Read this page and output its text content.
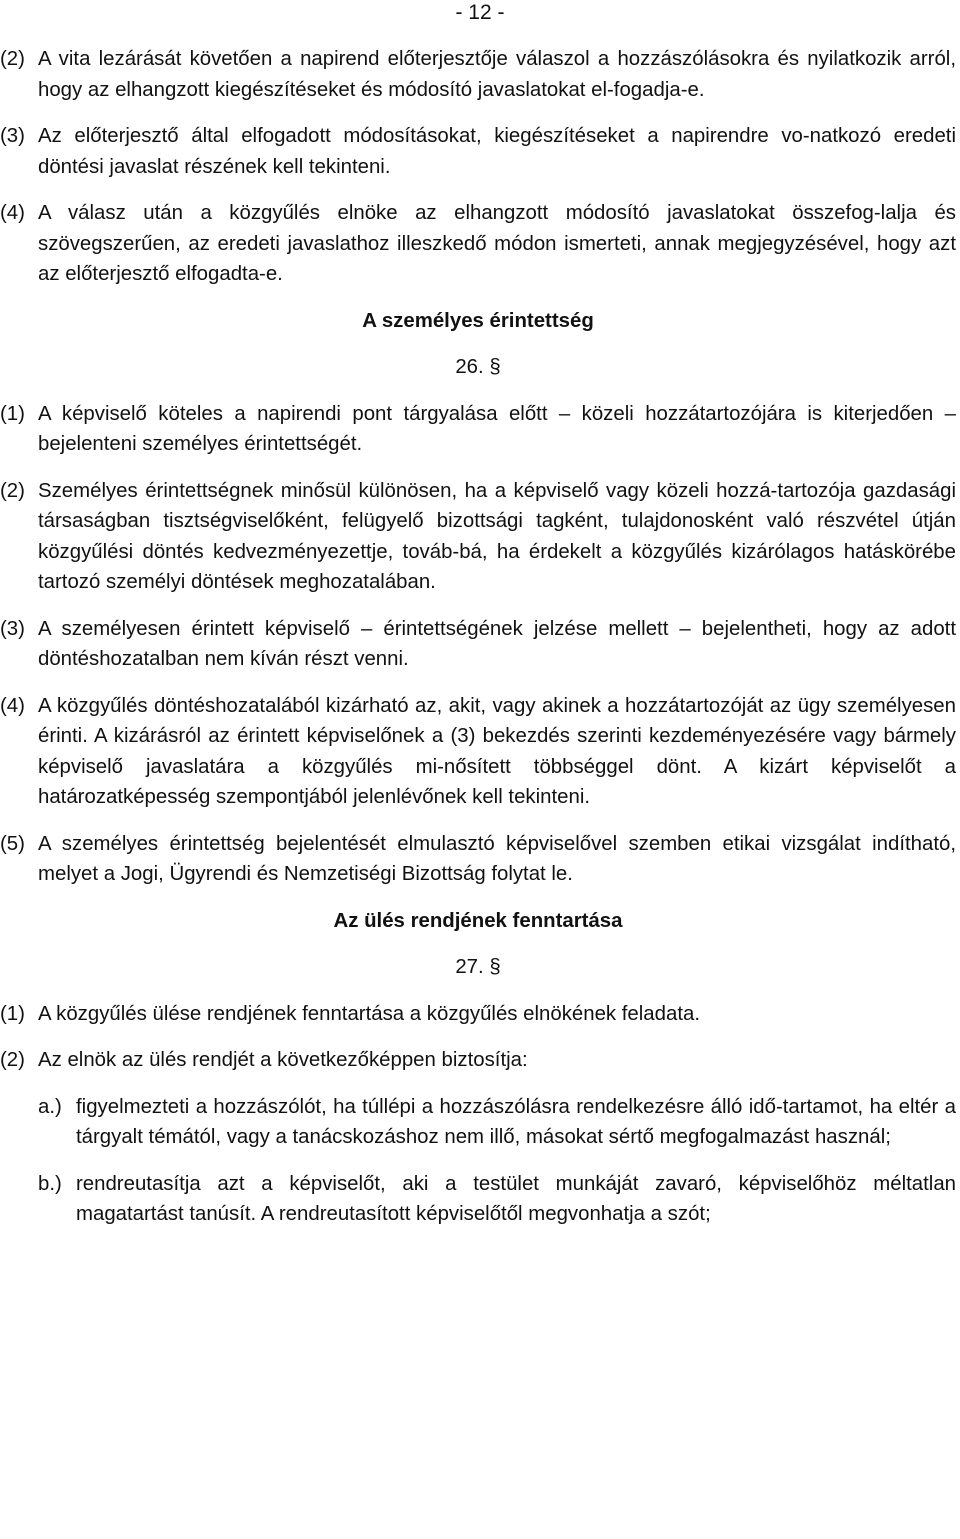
- 12 -
(2) A vita lezárását követően a napirend előterjesztője válaszol a hozzászólásokra és nyilatkozik arról, hogy az elhangzott kiegészítéseket és módosító javaslatokat el-fogadja-e.
(3) Az előterjesztő által elfogadott módosításokat, kiegészítéseket a napirendre vo-natkozó eredeti döntési javaslat részének kell tekinteni.
(4) A válasz után a közgyűlés elnöke az elhangzott módosító javaslatokat összefog-lalja és szövegszerűen, az eredeti javaslathoz illeszkedő módon ismerteti, annak megjegyzésével, hogy azt az előterjesztő elfogadta-e.
A személyes érintettség
26. §
(1) A képviselő köteles a napirendi pont tárgyalása előtt – közeli hozzátartozójára is kiterjedően – bejelenteni személyes érintettségét.
(2) Személyes érintettségnek minősül különösen, ha a képviselő vagy közeli hozzá-tartozója gazdasági társaságban tisztségviselőként, felügyelő bizottsági tagként, tulajdonosként való részvétel útján közgyűlési döntés kedvezményezettje, továb-bá, ha érdekelt a közgyűlés kizárólagos hatáskörébe tartozó személyi döntések meghozatalában.
(3) A személyesen érintett képviselő – érintettségének jelzése mellett – bejelentheti, hogy az adott döntéshozatalban nem kíván részt venni.
(4) A közgyűlés döntéshozatalából kizárható az, akit, vagy akinek a hozzátartozóját az ügy személyesen érinti. A kizárásról az érintett képviselőnek a (3) bekezdés szerinti kezdeményezésére vagy bármely képviselő javaslatára a közgyűlés mi-nősített többséggel dönt. A kizárt képviselőt a határozatképesség szempontjából jelenlévőnek kell tekinteni.
(5) A személyes érintettség bejelentését elmulasztó képviselővel szemben etikai vizsgálat indítható, melyet a Jogi, Ügyrendi és Nemzetiségi Bizottság folytat le.
Az ülés rendjének fenntartása
27. §
(1) A közgyűlés ülése rendjének fenntartása a közgyűlés elnökének feladata.
(2) Az elnök az ülés rendjét a következőképpen biztosítja:
a.) figyelmezteti a hozzászólót, ha túllépi a hozzászólásra rendelkezésre álló idő-tartamot, ha eltér a tárgyalt témától, vagy a tanácskozáshoz nem illő, másokat sértő megfogalmazást használ;
b.) rendreutasítja azt a képviselőt, aki a testület munkáját zavaró, képviselőhöz méltatlan magatartást tanúsít. A rendreutasított képviselőtől megvonhatja a szót;
